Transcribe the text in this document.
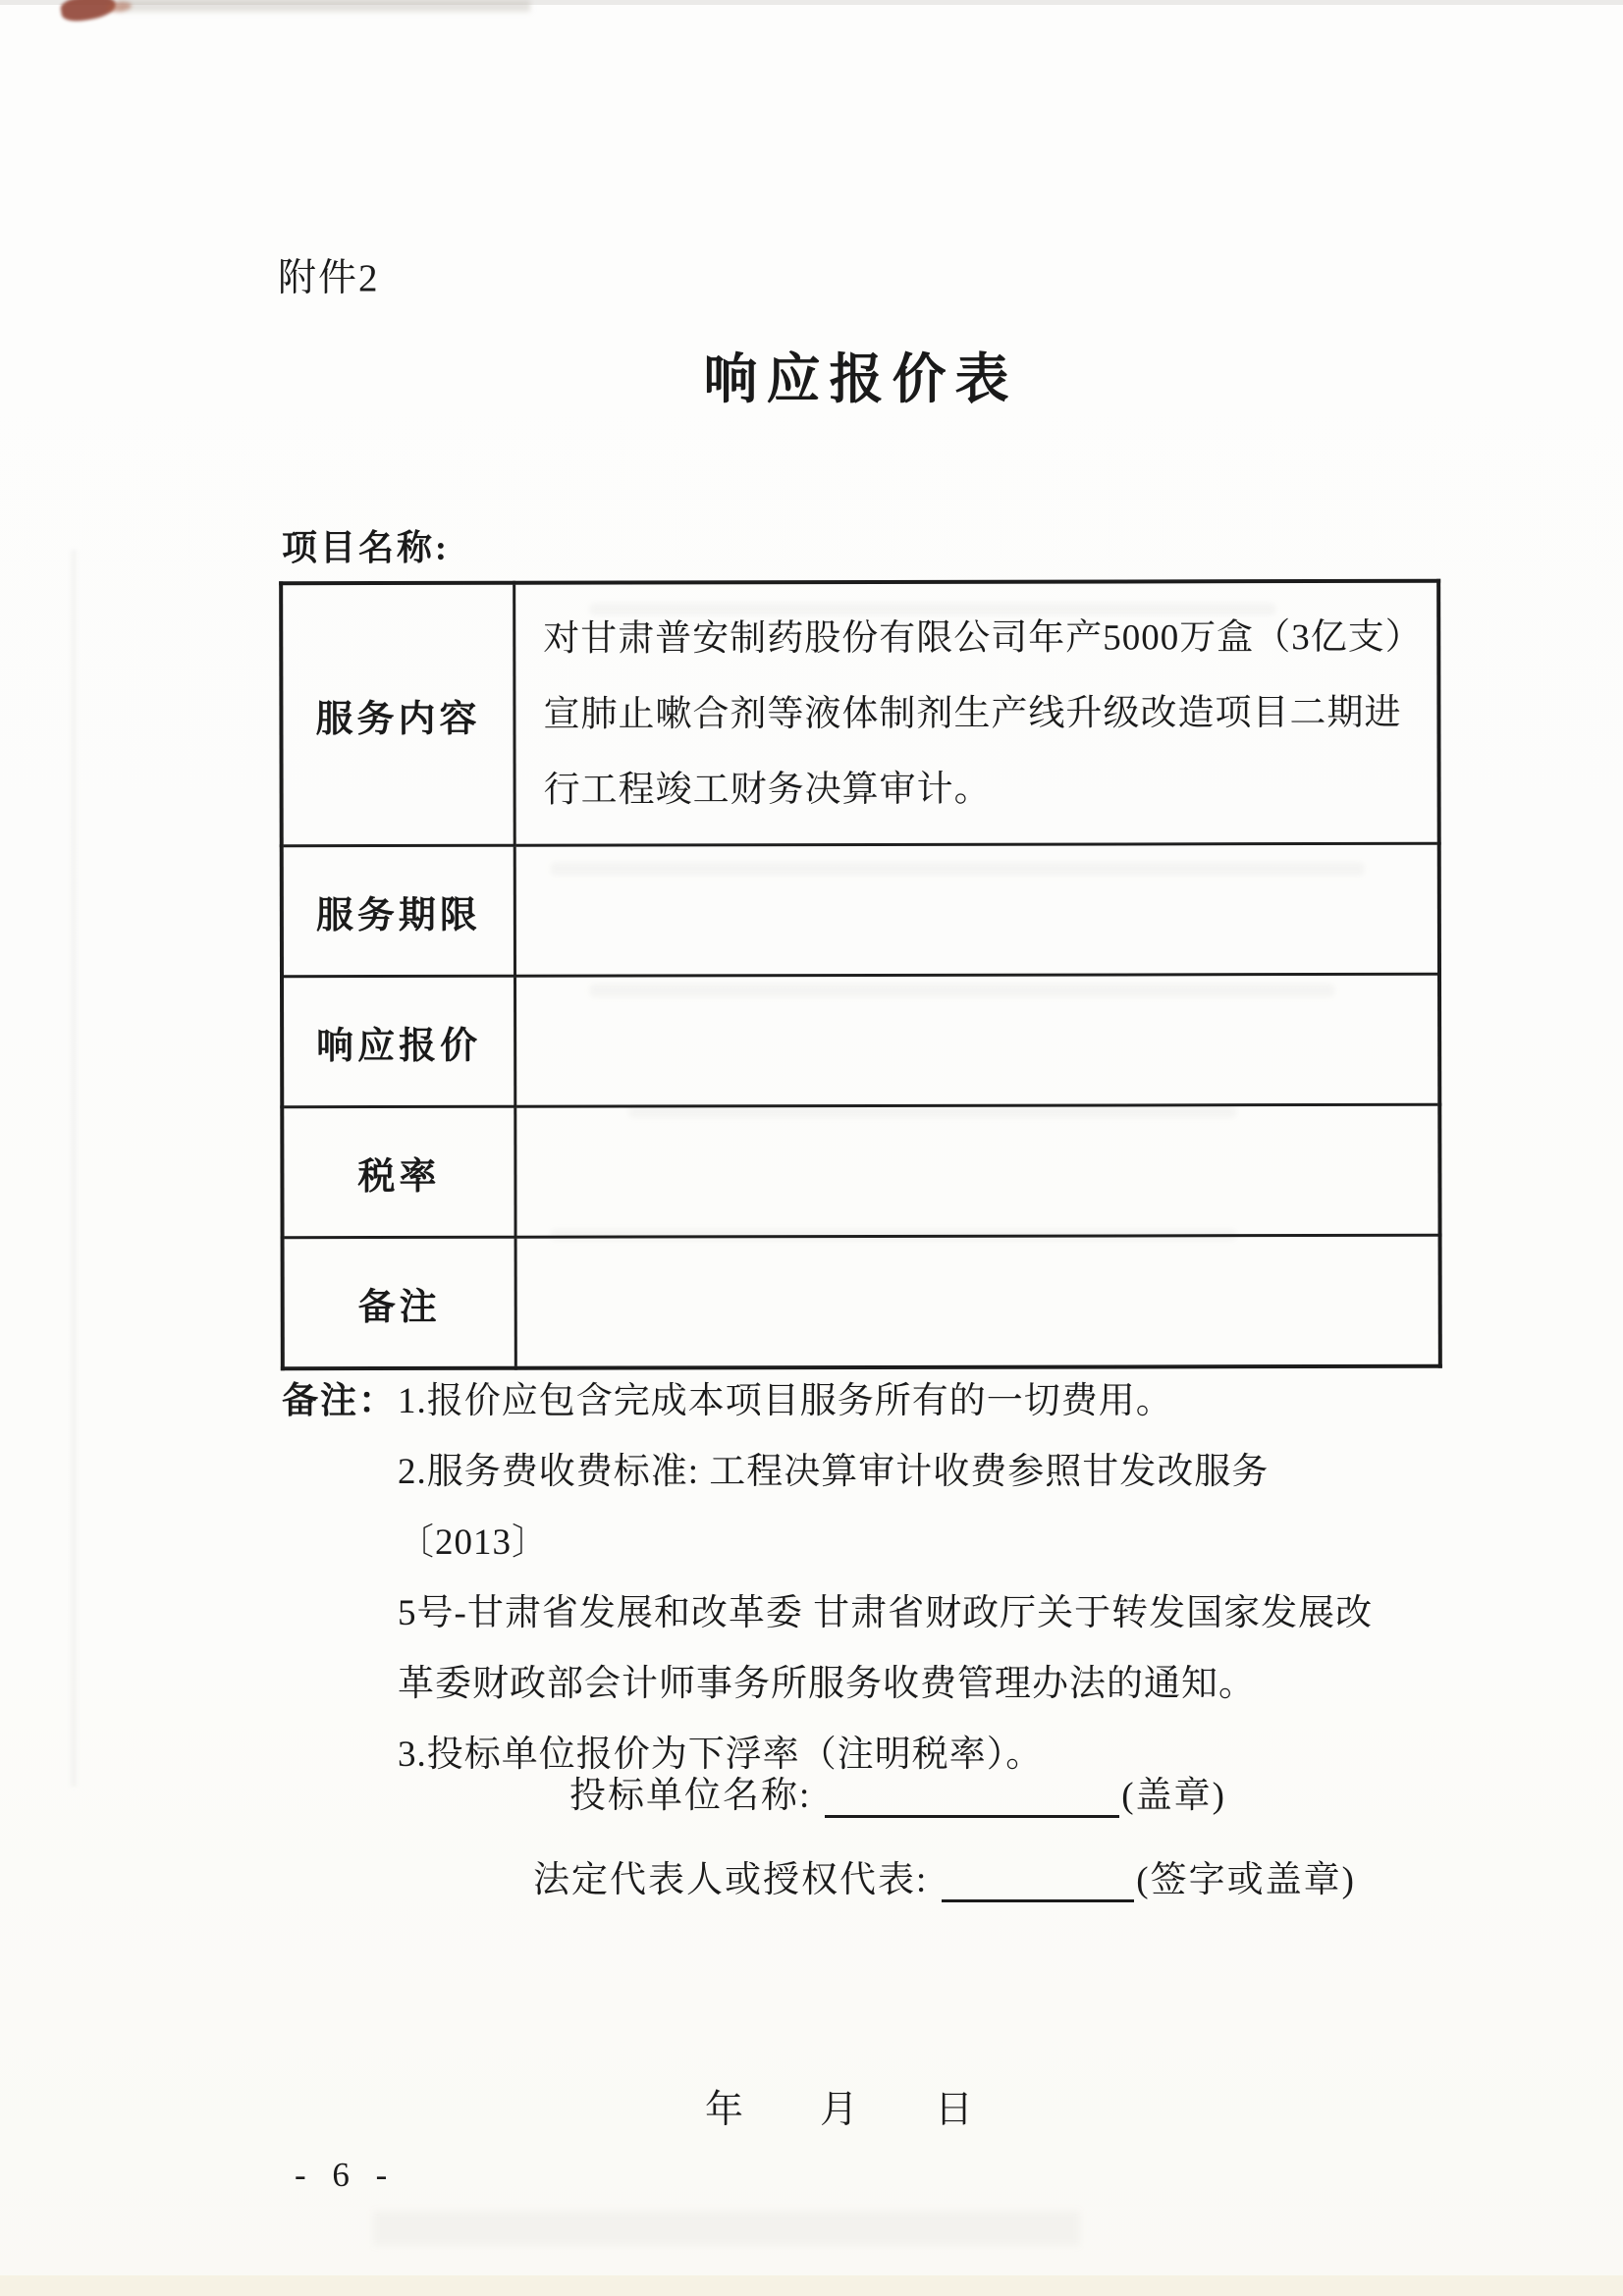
附件2
响应报价表
项目名称:
服务内容	对甘肃普安制药股份有限公司年产5000万盒（3亿支）宣肺止嗽合剂等液体制剂生产线升级改造项目二期进行工程竣工财务决算审计。
服务期限	
响应报价	
税率	
备注	
备注： 1.报价应包含完成本项目服务所有的一切费用。
2.服务费收费标准: 工程决算审计收费参照甘发改服务〔2013〕
5号-甘肃省发展和改革委 甘肃省财政厅关于转发国家发展改
革委财政部会计师事务所服务收费管理办法的通知。
3.投标单位报价为下浮率（注明税率）。
投标单位名称:	(盖章)
法定代表人或授权代表:	(签字或盖章)
年 月 日
- 6 -
